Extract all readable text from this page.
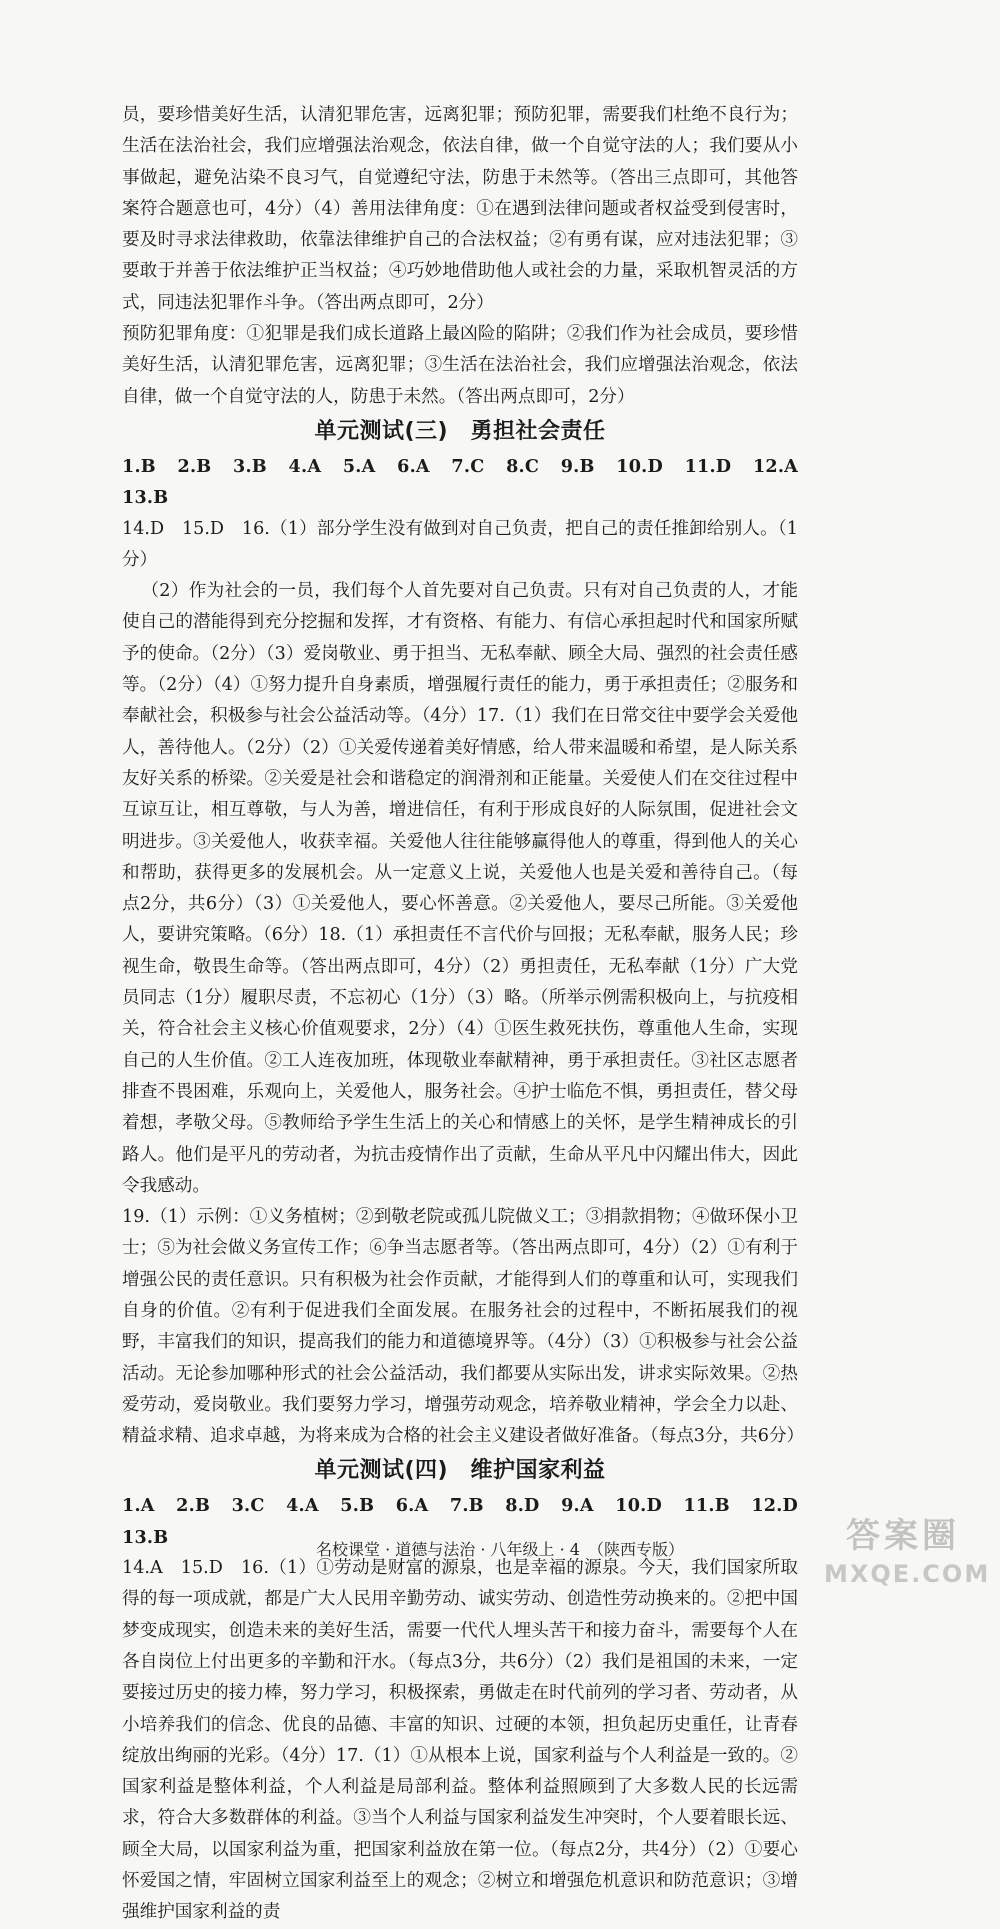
员，要珍惜美好生活，认清犯罪危害，远离犯罪；预防犯罪，需要我们杜绝不良行为；生活在法治社会，我们应增强法治观念，依法自律，做一个自觉守法的人；我们要从小事做起，避免沾染不良习气，自觉遵纪守法，防患于未然等。（答出三点即可，其他答案符合题意也可，4分）（4）善用法律角度：①在遇到法律问题或者权益受到侵害时，要及时寻求法律救助，依靠法律维护自己的合法权益；②有勇有谋，应对违法犯罪；③要敢于并善于依法维护正当权益；④巧妙地借助他人或社会的力量，采取机智灵活的方式，同违法犯罪作斗争。（答出两点即可，2分）

预防犯罪角度：①犯罪是我们成长道路上最凶险的陷阱；②我们作为社会成员，要珍惜美好生活，认清犯罪危害，远离犯罪；③生活在法治社会，我们应增强法治观念，依法自律，做一个自觉守法的人，防患于未然。（答出两点即可，2分）

单元测试(三)　勇担社会责任

1.B　2.B　3.B　4.A　5.A　6.A　7.C　8.C　9.B　10.D　11.D　12.A　13.B

14.D　15.D　16.（1）部分学生没有做到对自己负责，把自己的责任推卸给别人。（1分）

（2）作为社会的一员，我们每个人首先要对自己负责。只有对自己负责的人，才能使自己的潜能得到充分挖掘和发挥，才有资格、有能力、有信心承担起时代和国家所赋予的使命。（2分）（3）爱岗敬业、勇于担当、无私奉献、顾全大局、强烈的社会责任感等。（2分）（4）①努力提升自身素质，增强履行责任的能力，勇于承担责任；②服务和奉献社会，积极参与社会公益活动等。（4分）17.（1）我们在日常交往中要学会关爱他人，善待他人。（2分）（2）①关爱传递着美好情感，给人带来温暖和希望，是人际关系友好关系的桥梁。②关爱是社会和谐稳定的润滑剂和正能量。关爱使人们在交往过程中互谅互让，相互尊敬，与人为善，增进信任，有利于形成良好的人际氛围，促进社会文明进步。③关爱他人，收获幸福。关爱他人往往能够赢得他人的尊重，得到他人的关心和帮助，获得更多的发展机会。从一定意义上说，关爱他人也是关爱和善待自己。（每点2分，共6分）（3）①关爱他人，要心怀善意。②关爱他人，要尽己所能。③关爱他人，要讲究策略。（6分）18.（1）承担责任不言代价与回报；无私奉献，服务人民；珍视生命，敬畏生命等。（答出两点即可，4分）（2）勇担责任，无私奉献（1分）广大党员同志（1分）履职尽责，不忘初心（1分）（3）略。（所举示例需积极向上，与抗疫相关，符合社会主义核心价值观要求，2分）（4）①医生救死扶伤，尊重他人生命，实现自己的人生价值。②工人连夜加班，体现敬业奉献精神，勇于承担责任。③社区志愿者排查不畏困难，乐观向上，关爱他人，服务社会。④护士临危不惧，勇担责任，替父母着想，孝敬父母。⑤教师给予学生生活上的关心和情感上的关怀，是学生精神成长的引路人。他们是平凡的劳动者，为抗击疫情作出了贡献，生命从平凡中闪耀出伟大，因此令我感动。

19.（1）示例：①义务植树；②到敬老院或孤儿院做义工；③捐款捐物；④做环保小卫士；⑤为社会做义务宣传工作；⑥争当志愿者等。（答出两点即可，4分）（2）①有利于增强公民的责任意识。只有积极为社会作贡献，才能得到人们的尊重和认可，实现我们自身的价值。②有利于促进我们全面发展。在服务社会的过程中，不断拓展我们的视野，丰富我们的知识，提高我们的能力和道德境界等。（4分）（3）①积极参与社会公益活动。无论参加哪种形式的社会公益活动，我们都要从实际出发，讲求实际效果。②热爱劳动，爱岗敬业。我们要努力学习，增强劳动观念，培养敬业精神，学会全力以赴、精益求精、追求卓越，为将来成为合格的社会主义建设者做好准备。（每点3分，共6分）

单元测试(四)　维护国家利益

1.A　2.B　3.C　4.A　5.B　6.A　7.B　8.D　9.A　10.D　11.B　12.D　13.B

14.A　15.D　16.（1）①劳动是财富的源泉，也是幸福的源泉。今天，我们国家所取得的每一项成就，都是广大人民用辛勤劳动、诚实劳动、创造性劳动换来的。②把中国梦变成现实，创造未来的美好生活，需要一代代人埋头苦干和接力奋斗，需要每个人在各自岗位上付出更多的辛勤和汗水。（每点3分，共6分）（2）我们是祖国的未来，一定要接过历史的接力棒，努力学习，积极探索，勇做走在时代前列的学习者、劳动者，从小培养我们的信念、优良的品德、丰富的知识、过硬的本领，担负起历史重任，让青春绽放出绚丽的光彩。（4分）17.（1）①从根本上说，国家利益与个人利益是一致的。②国家利益是整体利益，个人利益是局部利益。整体利益照顾到了大多数人民的长远需求，符合大多数群体的利益。③当个人利益与国家利益发生冲突时，个人要着眼长远、顾全大局，以国家利益为重，把国家利益放在第一位。（每点2分，共4分）（2）①要心怀爱国之情，牢固树立国家利益至上的观念；②树立和增强危机意识和防范意识；③增强维护国家利益的责

名校课堂 · 道德与法治 · 八年级上 · 4　（陕西专版）	答案圈
MXQE.COM
